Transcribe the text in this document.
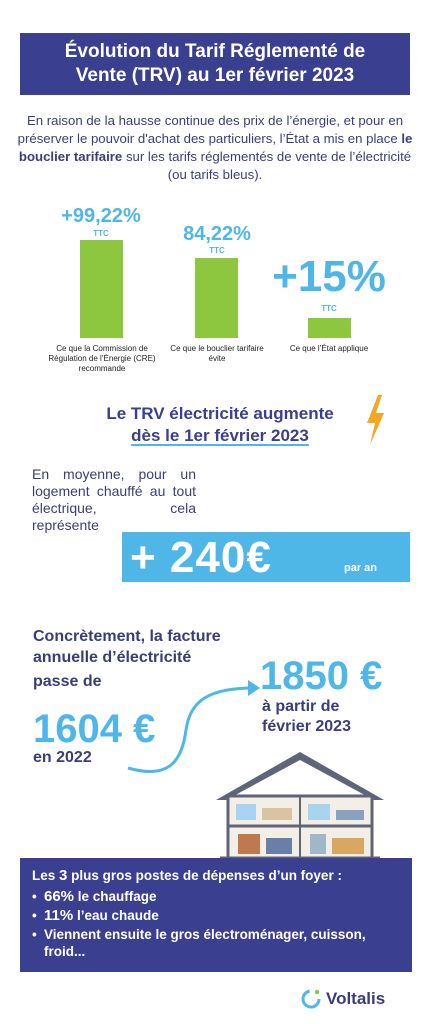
Évolution du Tarif Réglementé de
Vente (TRV) au 1er février 2023
En raison de la hausse continue des prix de l’énergie, et pour en préserver le pouvoir d'achat des particuliers, l’État a mis en place le bouclier tarifaire sur les tarifs réglementés de vente de l’électricité (ou tarifs bleus).
+99,22%
TTC
Ce que la Commission de Régulation de l’Énergie (CRE) recommande
84,22%
TTC
Ce que le bouclier tarifaire évite
+15%
TTC
Ce que l’État applique
Le TRV électricité augmente
dès le 1er février 2023
En moyenne, pour un logement chauffé au tout électrique, cela représente
+ 240€	par an
Concrètement, la facture annuelle d’électricité
passe de	1850 €
à partir de
février 2023
1604 €
en 2022
Les 3 plus gros postes de dépenses d’un foyer :
• 66% le chauffage
• 11% l’eau chaude
• Viennent ensuite le gros électroménager, cuisson, froid...
Voltalis
